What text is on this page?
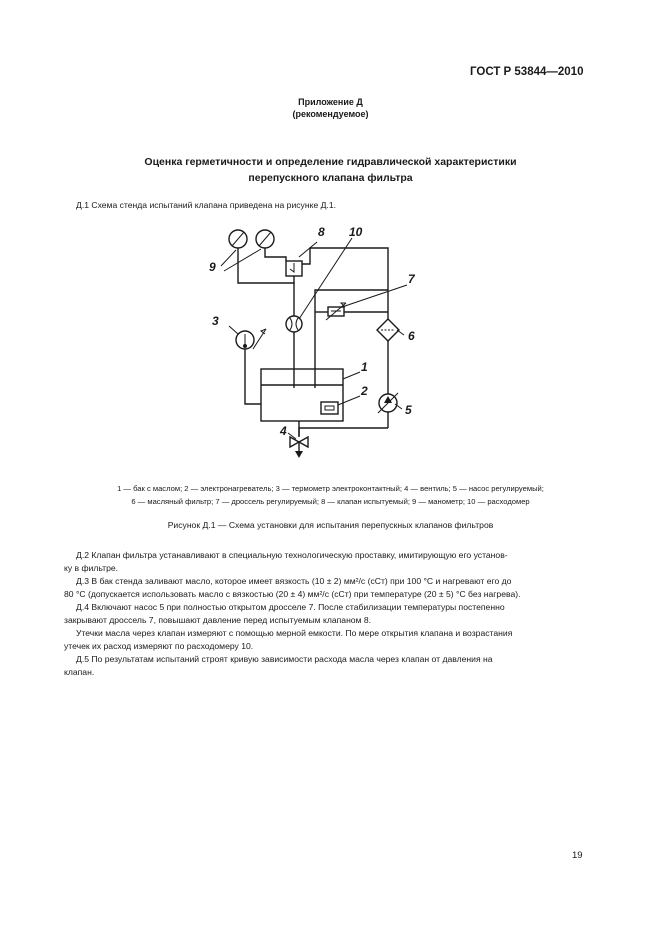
ГОСТ Р 53844—2010
Приложение Д
(рекомендуемое)
Оценка герметичности и определение гидравлической характеристики
перепускного клапана фильтра
Д.1 Схема стенда испытаний клапана приведена на рисунке Д.1.
9
8 10
7
3
6
1
2
5
4
1 — бак с маслом; 2 — электронагреватель; 3 — термометр электроконтактный; 4 — вентиль; 5 — насос регулируемый;
6 — масляный фильтр; 7 — дроссель регулируемый; 8 — клапан испытуемый; 9 — манометр; 10 — расходомер
Рисунок Д.1 — Схема установки для испытания перепускных клапанов фильтров
Д.2 Клапан фильтра устанавливают в специальную технологическую проставку, имитирующую его установ-
ку в фильтре.
Д.3 В бак стенда заливают масло, которое имеет вязкость (10 ± 2) мм²/с (сСт) при 100 °С и нагревают его до
80 °С (допускается использовать масло с вязкостью (20 ± 4) мм²/с (сСт) при температуре (20 ± 5) °С без нагрева).
Д.4 Включают насос 5 при полностью открытом дросселе 7. После стабилизации температуры постепенно
закрывают дроссель 7, повышают давление перед испытуемым клапаном 8.
Утечки масла через клапан измеряют с помощью мерной емкости. По мере открытия клапана и возрастания
утечек их расход измеряют по расходомеру 10.
Д.5 По результатам испытаний строят кривую зависимости расхода масла через клапан от давления на
клапан.
19
